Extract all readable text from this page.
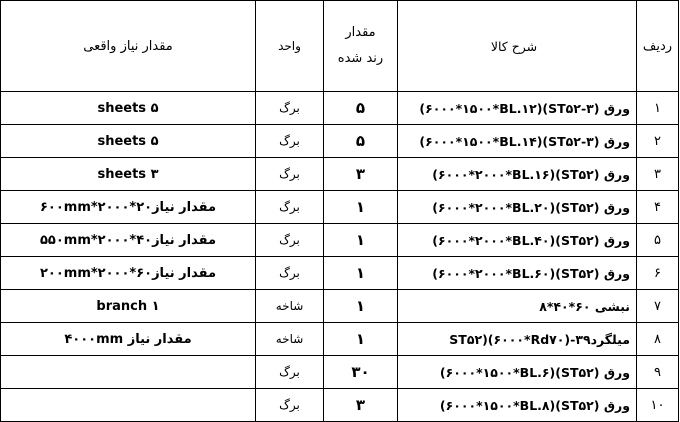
ردیف	شرح کالا	مقدار رند شده	واحد	مقدار نیاز واقعی
۱	ورق (۳-ST۵۲)(۶۰۰۰*۱۵۰۰*BL.۱۲)	۵	برگ	۵ sheets
۲	ورق (۳-ST۵۲)(۶۰۰۰*۱۵۰۰*BL.۱۴)	۵	برگ	۵ sheets
۳	ورق (ST۵۲)(۶۰۰۰*۲۰۰۰*BL.۱۶)	۳	برگ	۳ sheets
۴	ورق (ST۵۲)(۶۰۰۰*۲۰۰۰*BL.۲۰)	۱	برگ	مقدار نیاز۶۰۰mm*۲۰۰۰*۲۰
۵	ورق (ST۵۲)(۶۰۰۰*۲۰۰۰*BL.۴۰)	۱	برگ	مقدار نیاز۵۵۰mm*۲۰۰۰*۴۰
۶	ورق (ST۵۲)(۶۰۰۰*۲۰۰۰*BL.۶۰)	۱	برگ	مقدار نیاز۲۰۰mm*۲۰۰۰*۶۰
۷	نبشی ۶۰*۴۰*۸	۱	شاخه	۱ branch
۸	میلگرد۳۹-ST۵۲)(۶۰۰۰*Rd۷۰)	۱	شاخه	مقدار نیاز ۴۰۰۰mm
۹	ورق (ST۵۲)(۶۰۰۰*۱۵۰۰*BL.۶)	۳۰	برگ	
۱۰	ورق (ST۵۲)(۶۰۰۰*۱۵۰۰*BL.۸)	۳	برگ	
